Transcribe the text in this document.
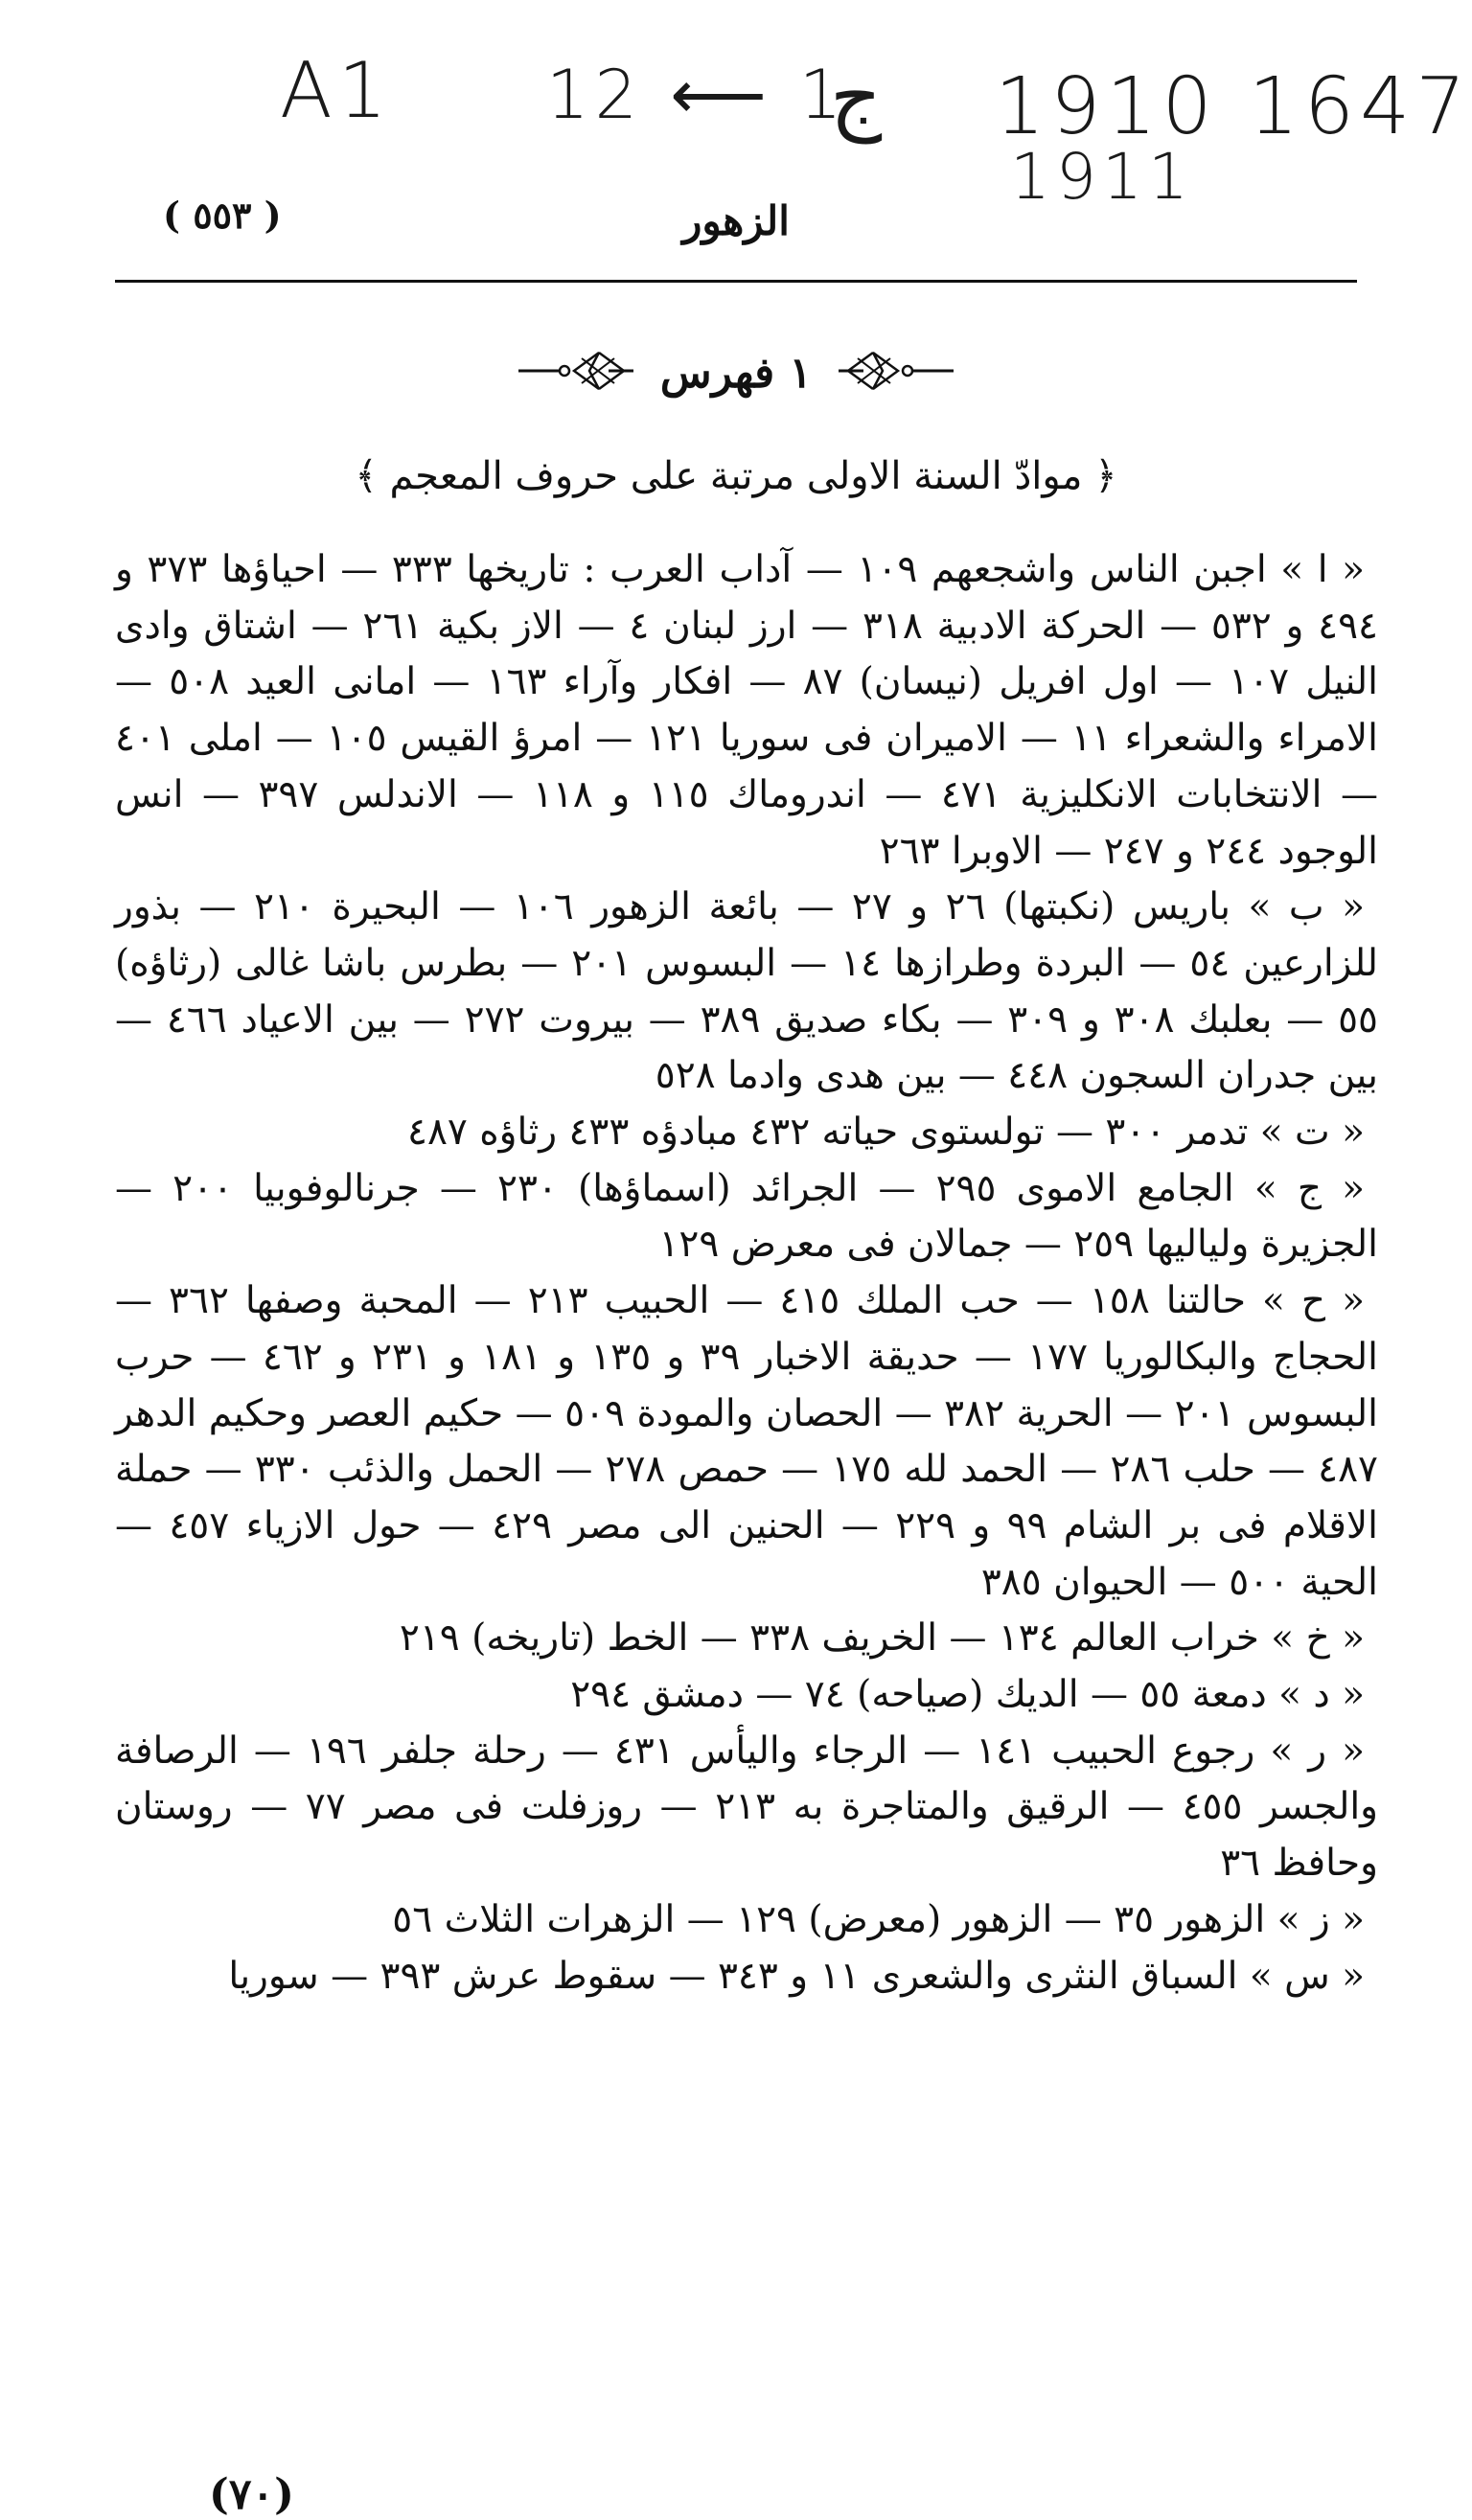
A1 12 ⟵ 1
ج 1910 1647
1911
( ٥٥٣ )	الزهور
١ فهرس
﴿ موادّ السنة الاولى مرتبة على حروف المعجم ﴾

« ا » اجبن الناس واشجعهم ١٠٩ — آداب العرب : تاريخها ٣٣٣ — احياؤها ٣٧٣ و ٤٩٤ و ٥٣٢ — الحركة الادبية ٣١٨ — ارز لبنان ٤ — الاز بكية ٢٦١ — اشتاق وادى النيل ١٠٧ — اول افريل (نيسان) ٨٧ — افكار وآراء ١٦٣ — امانى العيد ٥٠٨ — الامراء والشعراء ١١ — الاميران فى سوريا ١٢١ — امرؤ القيس ١٠٥ — املى ٤٠١ — الانتخابات الانكليزية ٤٧١ — اندروماك ١١٥ و ١١٨ — الاندلس ٣٩٧ — انس الوجود ٢٤٤ و ٢٤٧ — الاوبرا ٢٦٣

« ب » باريس (نكبتها) ٢٦ و ٢٧ — بائعة الزهور ١٠٦ — البحيرة ٢١٠ — بذور للزارعين ٥٤ — البردة وطرازها ١٤ — البسوس ٢٠١ — بطرس باشا غالى (رثاؤه) ٥٥ — بعلبك ٣٠٨ و ٣٠٩ — بكاء صديق ٣٨٩ — بيروت ٢٧٢ — بين الاعياد ٤٦٦ — بين جدران السجون ٤٤٨ — بين هدى وادما ٥٢٨

« ت » تدمر ٣٠٠ — تولستوى حياته ٤٣٢ مبادؤه ٤٣٣ رثاؤه ٤٨٧

« ج » الجامع الاموى ٢٩٥ — الجرائد (اسماؤها) ٢٣٠ — جرنالوفوبيا ٢٠٠ — الجزيرة ولياليها ٢٥٩ — جمالان فى معرض ١٢٩

« ح » حالتنا ١٥٨ — حب الملك ٤١٥ — الحبيب ٢١٣ — المحبة وصفها ٣٦٢ — الحجاج والبكالوريا ١٧٧ — حديقة الاخبار ٣٩ و ١٣٥ و ١٨١ و ٢٣١ و ٤٦٢ — حرب البسوس ٢٠١ — الحرية ٣٨٢ — الحصان والمودة ٥٠٩ — حكيم العصر وحكيم الدهر ٤٨٧ — حلب ٢٨٦ — الحمد لله ١٧٥ — حمص ٢٧٨ — الحمل والذئب ٣٣٠ — حملة الاقلام فى بر الشام ٩٩ و ٢٢٩ — الحنين الى مصر ٤٢٩ — حول الازياء ٤٥٧ — الحية ٥٠٠ — الحيوان ٣٨٥

« خ » خراب العالم ١٣٤ — الخريف ٣٣٨ — الخط (تاريخه) ٢١٩

« د » دمعة ٥٥ — الديك (صياحه) ٧٤ — دمشق ٢٩٤

« ر » رجوع الحبيب ١٤١ — الرجاء واليأس ٤٣١ — رحلة جلفر ١٩٦ — الرصافة والجسر ٤٥٥ — الرقيق والمتاجرة به ٢١٣ — روزفلت فى مصر ٧٧ — روستان وحافظ ٣٦

« ز » الزهور ٣٥ — الزهور (معرض) ١٢٩ — الزهرات الثلاث ٥٦

« س » السباق النثرى والشعرى ١١ و ٣٤٣ — سقوط عرش ٣٩٣ — سوريا

(٧٠)
